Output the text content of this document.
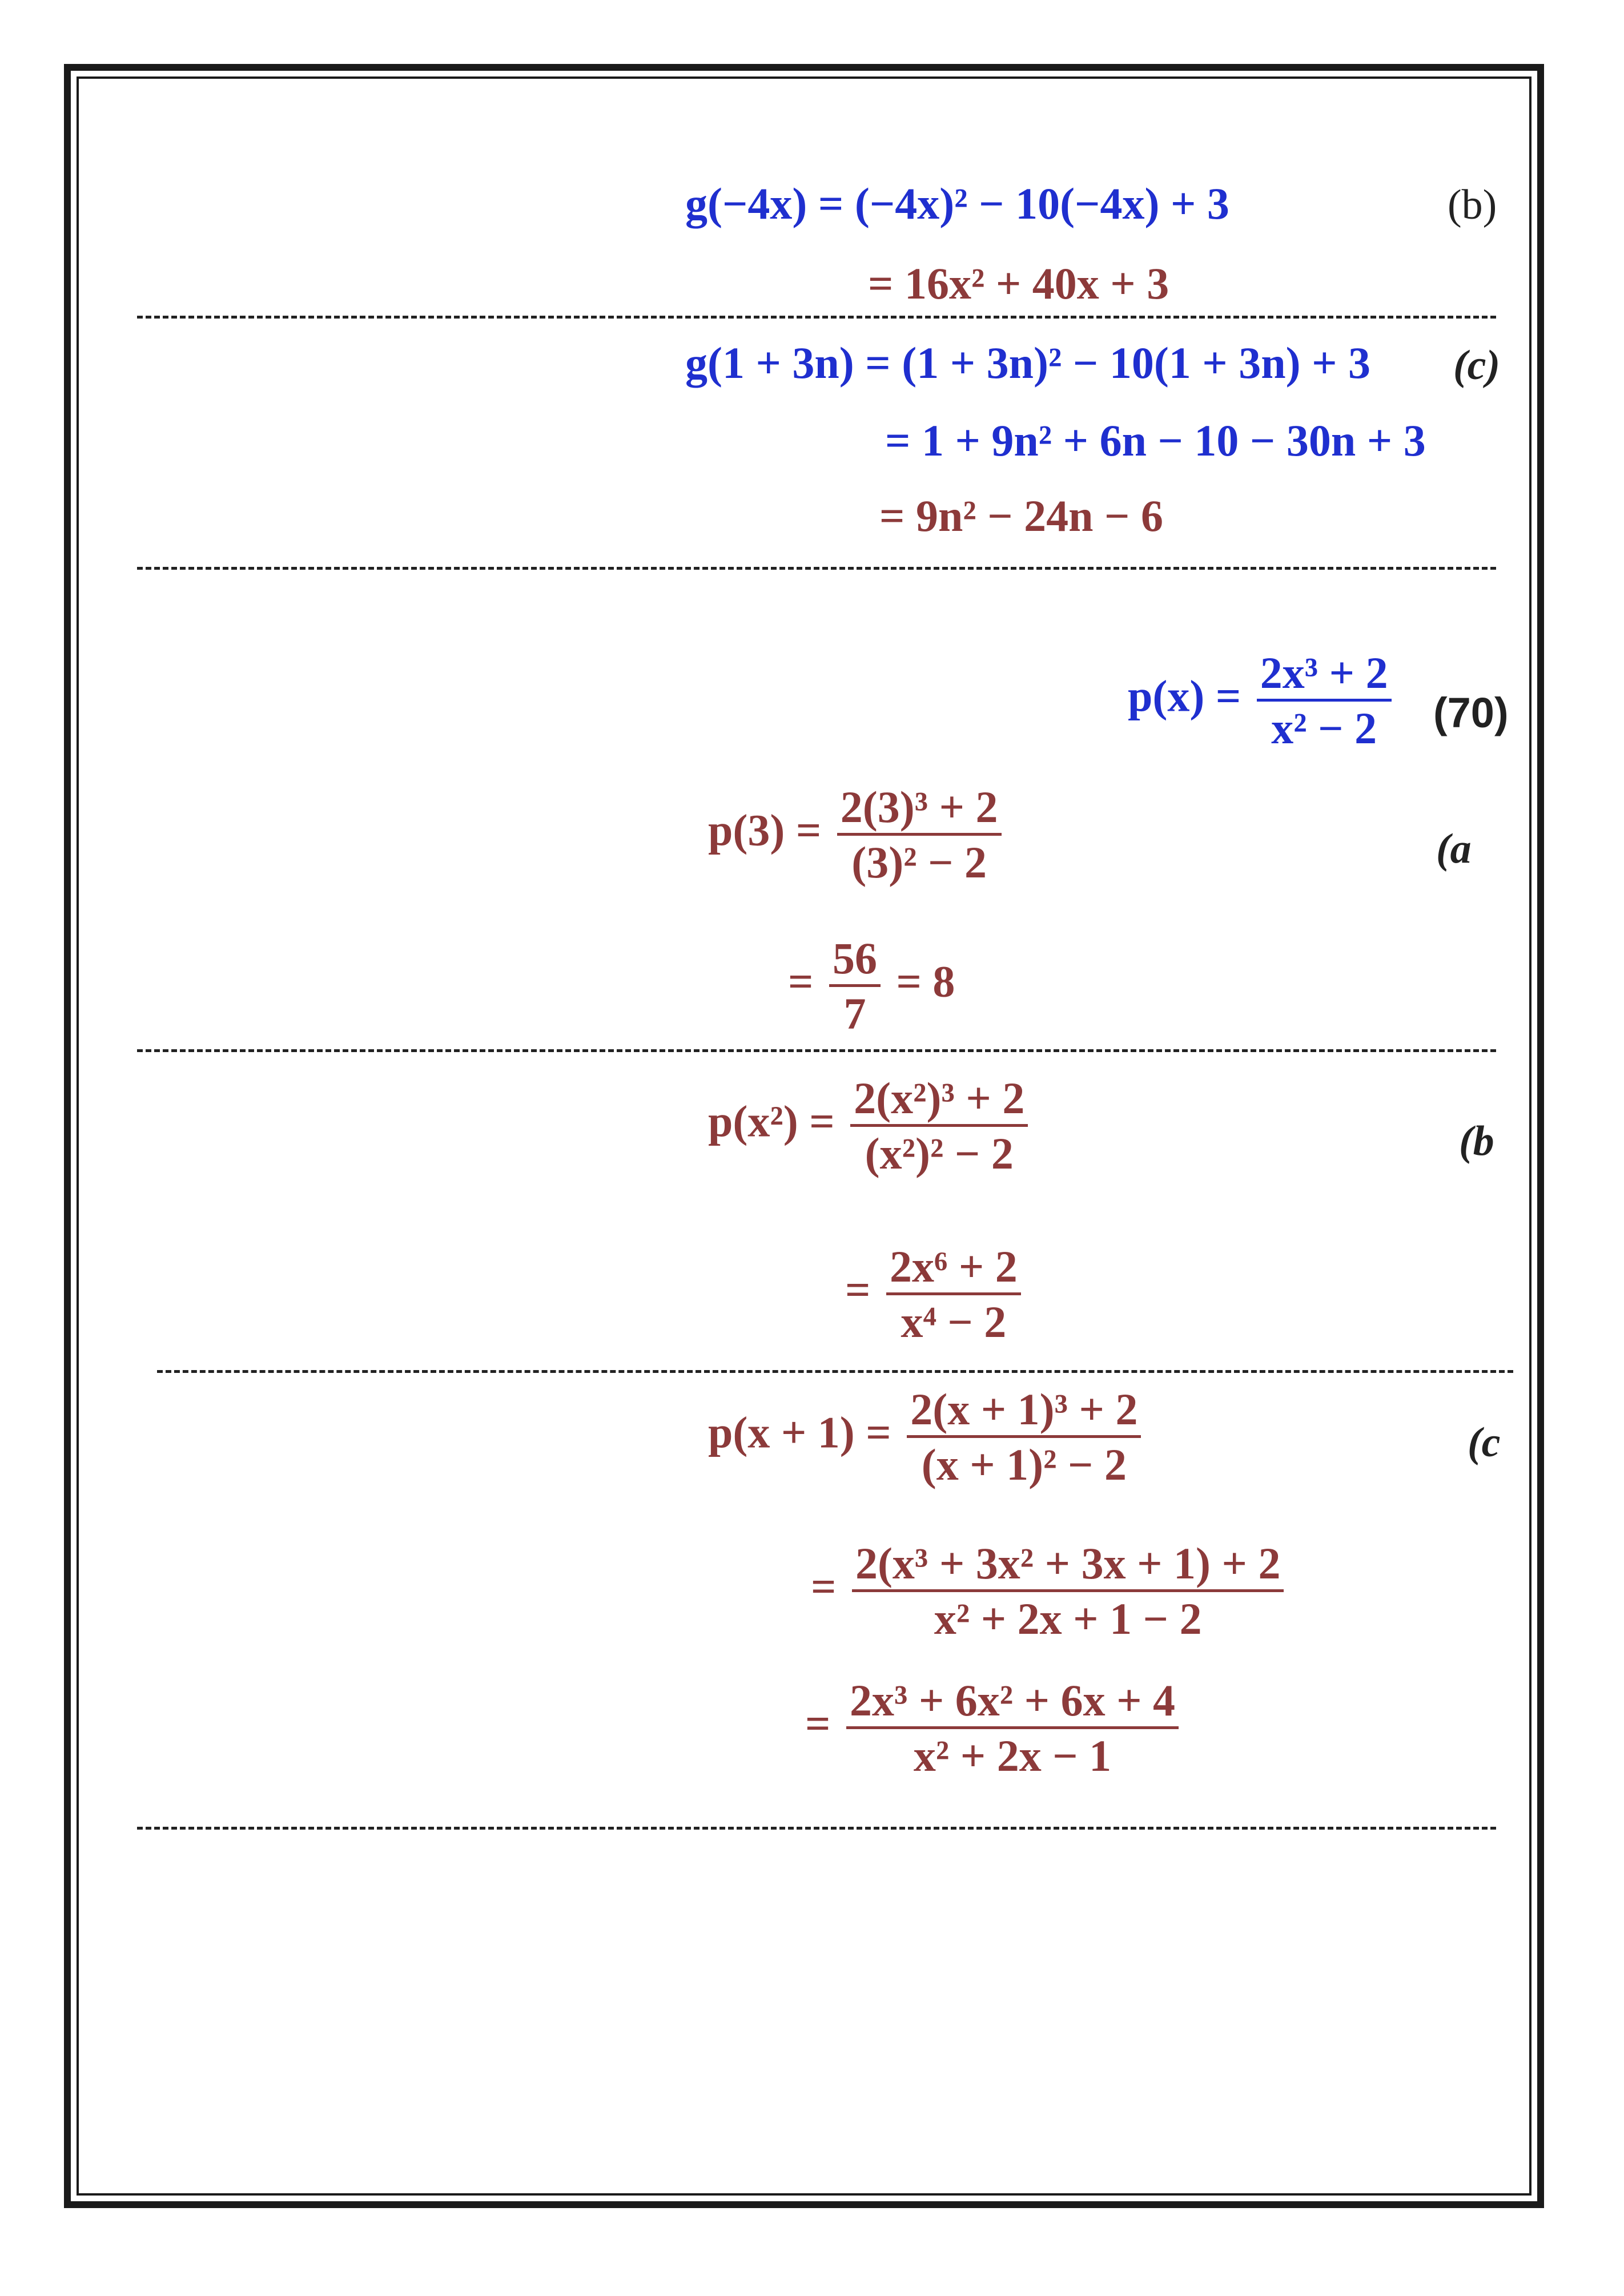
g(−4x) = (−4x)² − 10(−4x) + 3	(b)
= 16x² + 40x + 3
g(1 + 3n) = (1 + 3n)² − 10(1 + 3n) + 3 (c)
= 1 + 9n² + 6n − 10 − 30n + 3
= 9n² − 24n − 6
$p(x) = \frac{\text{2x³ + 2}}{\text{x² − 2}} (70)$
$p(3) = \frac{\text{2(3)³ + 2}}{\text{(3)² − 2}}$	(a
= $\frac{56}{7} = 8$
$p(x^2) = \frac{\text{2(x²)³ + 2}}{\text{(x²)² − 2}}$	(b
= $\frac{\text{2x⁶ + 2}}{\text{x⁴ − 2}}$
$p(x + 1) = \frac{\text{2(x + 1)³ + 2}}{\text{(x + 1)² − 2}}$	(c
= $\frac{\text{2(x³ + 3x² + 3x + 1) + 2}}{\text{x² + 2x + 1 − 2}}$
= $\frac{\text{2x³ + 6x² + 6x + 4}}{\text{x² + 2x − 1}}$
